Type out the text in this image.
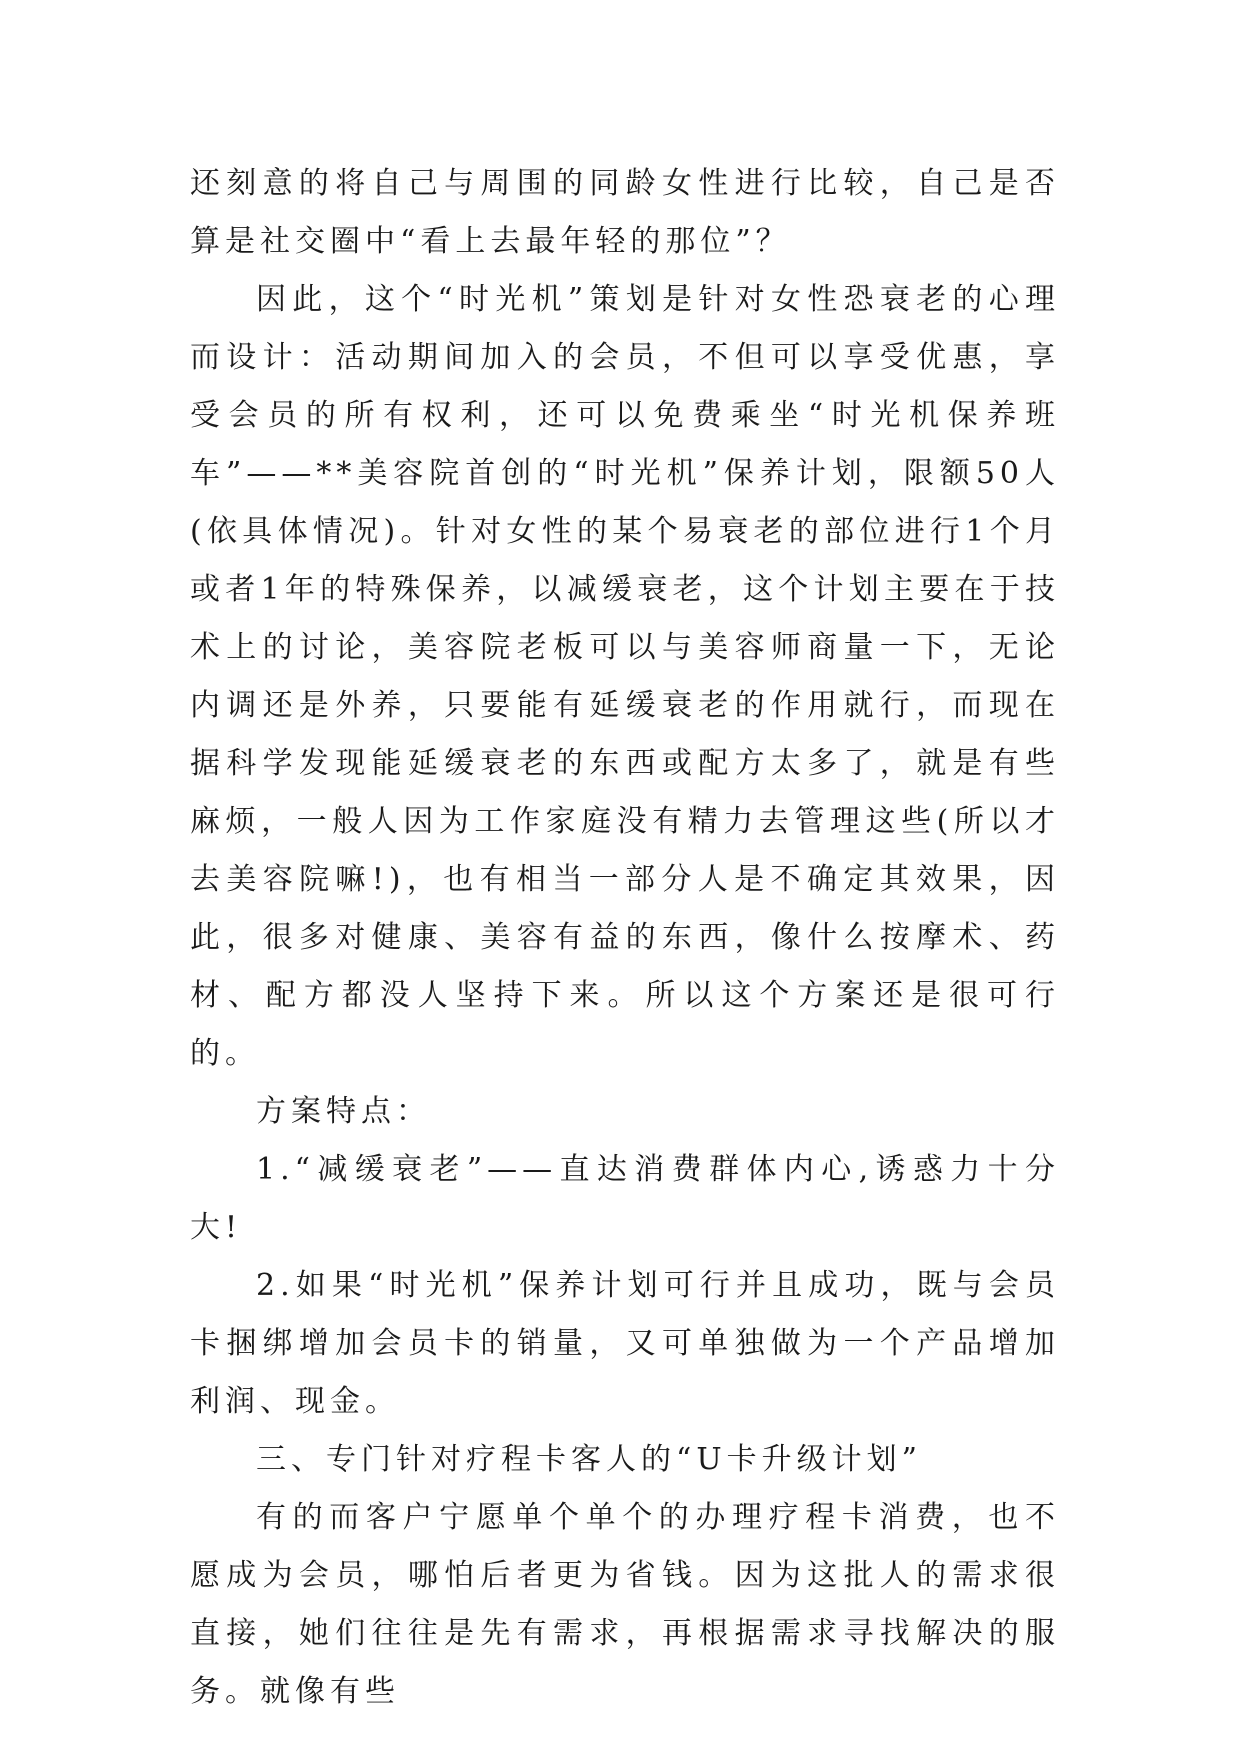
还刻意的将自己与周围的同龄女性进行比较，自己是否算是社交圈中“看上去最年轻的那位”？

因此，这个“时光机”策划是针对女性恐衰老的心理而设计：活动期间加入的会员，不但可以享受优惠，享受会员的所有权利，还可以免费乘坐“时光机保养班车”——**美容院首创的“时光机”保养计划，限额50人(依具体情况)。针对女性的某个易衰老的部位进行1个月或者1年的特殊保养，以减缓衰老，这个计划主要在于技术上的讨论，美容院老板可以与美容师商量一下，无论内调还是外养，只要能有延缓衰老的作用就行，而现在据科学发现能延缓衰老的东西或配方太多了，就是有些麻烦，一般人因为工作家庭没有精力去管理这些(所以才去美容院嘛!)，也有相当一部分人是不确定其效果，因此，很多对健康、美容有益的东西，像什么按摩术、药材、配方都没人坚持下来。所以这个方案还是很可行的。

方案特点：

1.“减缓衰老”——直达消费群体内心,诱惑力十分大!

2.如果“时光机”保养计划可行并且成功，既与会员卡捆绑增加会员卡的销量，又可单独做为一个产品增加利润、现金。

三、专门针对疗程卡客人的“U卡升级计划”

有的而客户宁愿单个单个的办理疗程卡消费，也不愿成为会员，哪怕后者更为省钱。因为这批人的需求很直接，她们往往是先有需求，再根据需求寻找解决的服务。就像有些
